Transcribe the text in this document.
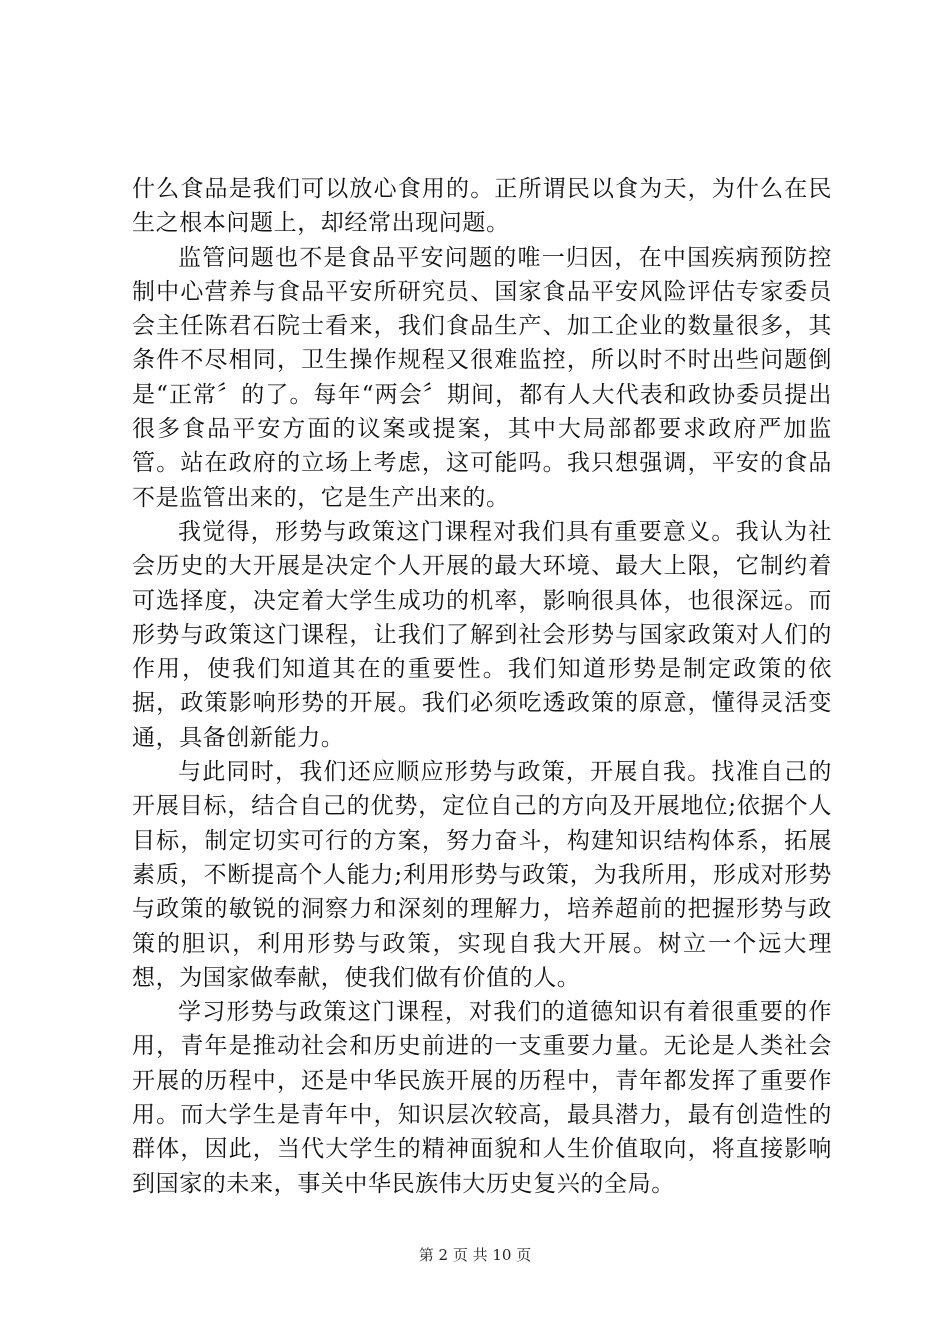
什么食品是我们可以放心食用的。正所谓民以食为天，为什么在民生之根本问题上，却经常出现问题。

监管问题也不是食品平安问题的唯一归因，在中国疾病预防控制中心营养与食品平安所研究员、国家食品平安风险评估专家委员会主任陈君石院士看来，我们食品生产、加工企业的数量很多，其条件不尽相同，卫生操作规程又很难监控，所以时不时出些问题倒是“正常〞的了。每年“两会〞期间，都有人大代表和政协委员提出很多食品平安方面的议案或提案，其中大局部都要求政府严加监管。站在政府的立场上考虑，这可能吗。我只想强调，平安的食品不是监管出来的，它是生产出来的。

我觉得，形势与政策这门课程对我们具有重要意义。我认为社会历史的大开展是决定个人开展的最大环境、最大上限，它制约着可选择度，决定着大学生成功的机率，影响很具体，也很深远。而形势与政策这门课程，让我们了解到社会形势与国家政策对人们的作用，使我们知道其在的重要性。我们知道形势是制定政策的依据，政策影响形势的开展。我们必须吃透政策的原意，懂得灵活变通，具备创新能力。

与此同时，我们还应顺应形势与政策，开展自我。找准自己的开展目标，结合自己的优势，定位自己的方向及开展地位;依据个人目标，制定切实可行的方案，努力奋斗，构建知识结构体系，拓展素质，不断提高个人能力;利用形势与政策，为我所用，形成对形势与政策的敏锐的洞察力和深刻的理解力，培养超前的把握形势与政策的胆识，利用形势与政策，实现自我大开展。树立一个远大理想，为国家做奉献，使我们做有价值的人。

学习形势与政策这门课程，对我们的道德知识有着很重要的作用，青年是推动社会和历史前进的一支重要力量。无论是人类社会开展的历程中，还是中华民族开展的历程中，青年都发挥了重要作用。而大学生是青年中，知识层次较高，最具潜力，最有创造性的群体，因此，当代大学生的精神面貌和人生价值取向，将直接影响到国家的未来，事关中华民族伟大历史复兴的全局。

第 2 页 共 10 页
